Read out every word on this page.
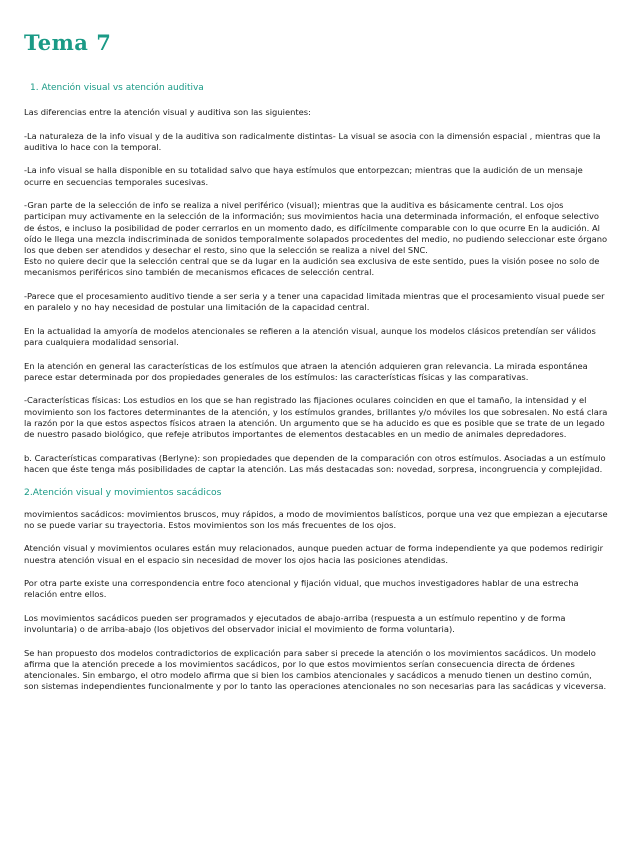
Tema 7
1. Atención visual vs atención auditiva

Las diferencias entre la atención visual y auditiva son las siguientes:

-La naturaleza de la info visual y de la auditiva son radicalmente distintas- La visual se asocia con la dimensión espacial , mientras que la auditiva lo hace con la temporal.

-La info visual se halla disponible en su totalidad salvo que haya estímulos que entorpezcan; mientras que la audición de un mensaje ocurre en secuencias temporales sucesivas.

-Gran parte de la selección de info se realiza a nivel periférico (visual); mientras que la auditiva es básicamente central. Los ojos participan muy activamente en la selección de la información; sus movimientos hacia una determinada información, el enfoque selectivo de éstos, e incluso la posibilidad de poder cerrarlos en un momento dado, es difícilmente comparable con lo que ocurre En la audición. Al oído le llega una mezcla indiscriminada de sonidos temporalmente solapados procedentes del medio, no pudiendo seleccionar este órgano los que deben ser atendidos y desechar el resto, sino que la selección se realiza a nivel del SNC.

Esto no quiere decir que la selección central que se da lugar en la audición sea exclusiva de este sentido, pues la visión posee no solo de mecanismos periféricos sino también de mecanismos eficaces de selección central.

-Parece que el procesamiento auditivo tiende a ser seria y a tener una capacidad limitada mientras que el procesamiento visual puede ser en paralelo y no hay necesidad de postular una limitación de la capacidad central.

En la actualidad la amyoría de modelos atencionales se refieren a la atención visual, aunque los modelos clásicos pretendían ser válidos para cualquiera modalidad sensorial.

En la atención en general las características de los estímulos que atraen la atención adquieren gran relevancia. La mirada espontánea parece estar determinada por dos propiedades generales de los estímulos: las características físicas y las comparativas.

-Características físicas: Los estudios en los que se han registrado las fijaciones oculares coinciden en que el tamaño, la intensidad y el movimiento son los factores determinantes de la atención, y los estímulos grandes, brillantes y/o móviles los que sobresalen. No está clara la razón por la que estos aspectos físicos atraen la atención. Un argumento que se ha aducido es que es posible que se trate de un legado de nuestro pasado biológico, que refeje atributos importantes de elementos destacables en un medio de animales depredadores.

b. Características comparativas (Berlyne): son propiedades que dependen de la comparación con otros estímulos. Asociadas a un estímulo hacen que éste tenga más posibilidades de captar la atención. Las más destacadas son: novedad, sorpresa, incongruencia y complejidad.

2.Atención visual y movimientos sacádicos

movimientos sacádicos: movimientos bruscos, muy rápidos, a modo de movimientos balísticos, porque una vez que empiezan a ejecutarse no se puede variar su trayectoria. Estos movimientos son los más frecuentes de los ojos.

Atención visual y movimientos oculares están muy relacionados, aunque pueden actuar de forma independiente ya que podemos redirigir nuestra atención visual en el espacio sin necesidad de mover los ojos hacia las posiciones atendidas.

Por otra parte existe una correspondencia entre foco atencional y fijación vidual, que muchos investigadores hablar de una estrecha relación entre ellos.

Los movimientos sacádicos pueden ser programados y ejecutados de abajo-arriba (respuesta a un estímulo repentino y de forma involuntaria) o de arriba-abajo (los objetivos del observador inicial el movimiento de forma voluntaria).

Se han propuesto dos modelos contradictorios de explicación para saber si precede la atención o los movimientos sacádicos. Un modelo afirma que la atención precede a los movimientos sacádicos, por lo que estos movimientos serían consecuencia directa de órdenes atencionales. Sin embargo, el otro modelo afirma que si bien los cambios atencionales y sacádicos a menudo tienen un destino común, son sistemas independientes funcionalmente y por lo tanto las operaciones atencionales no son necesarias para las sacádicas y viceversa.
